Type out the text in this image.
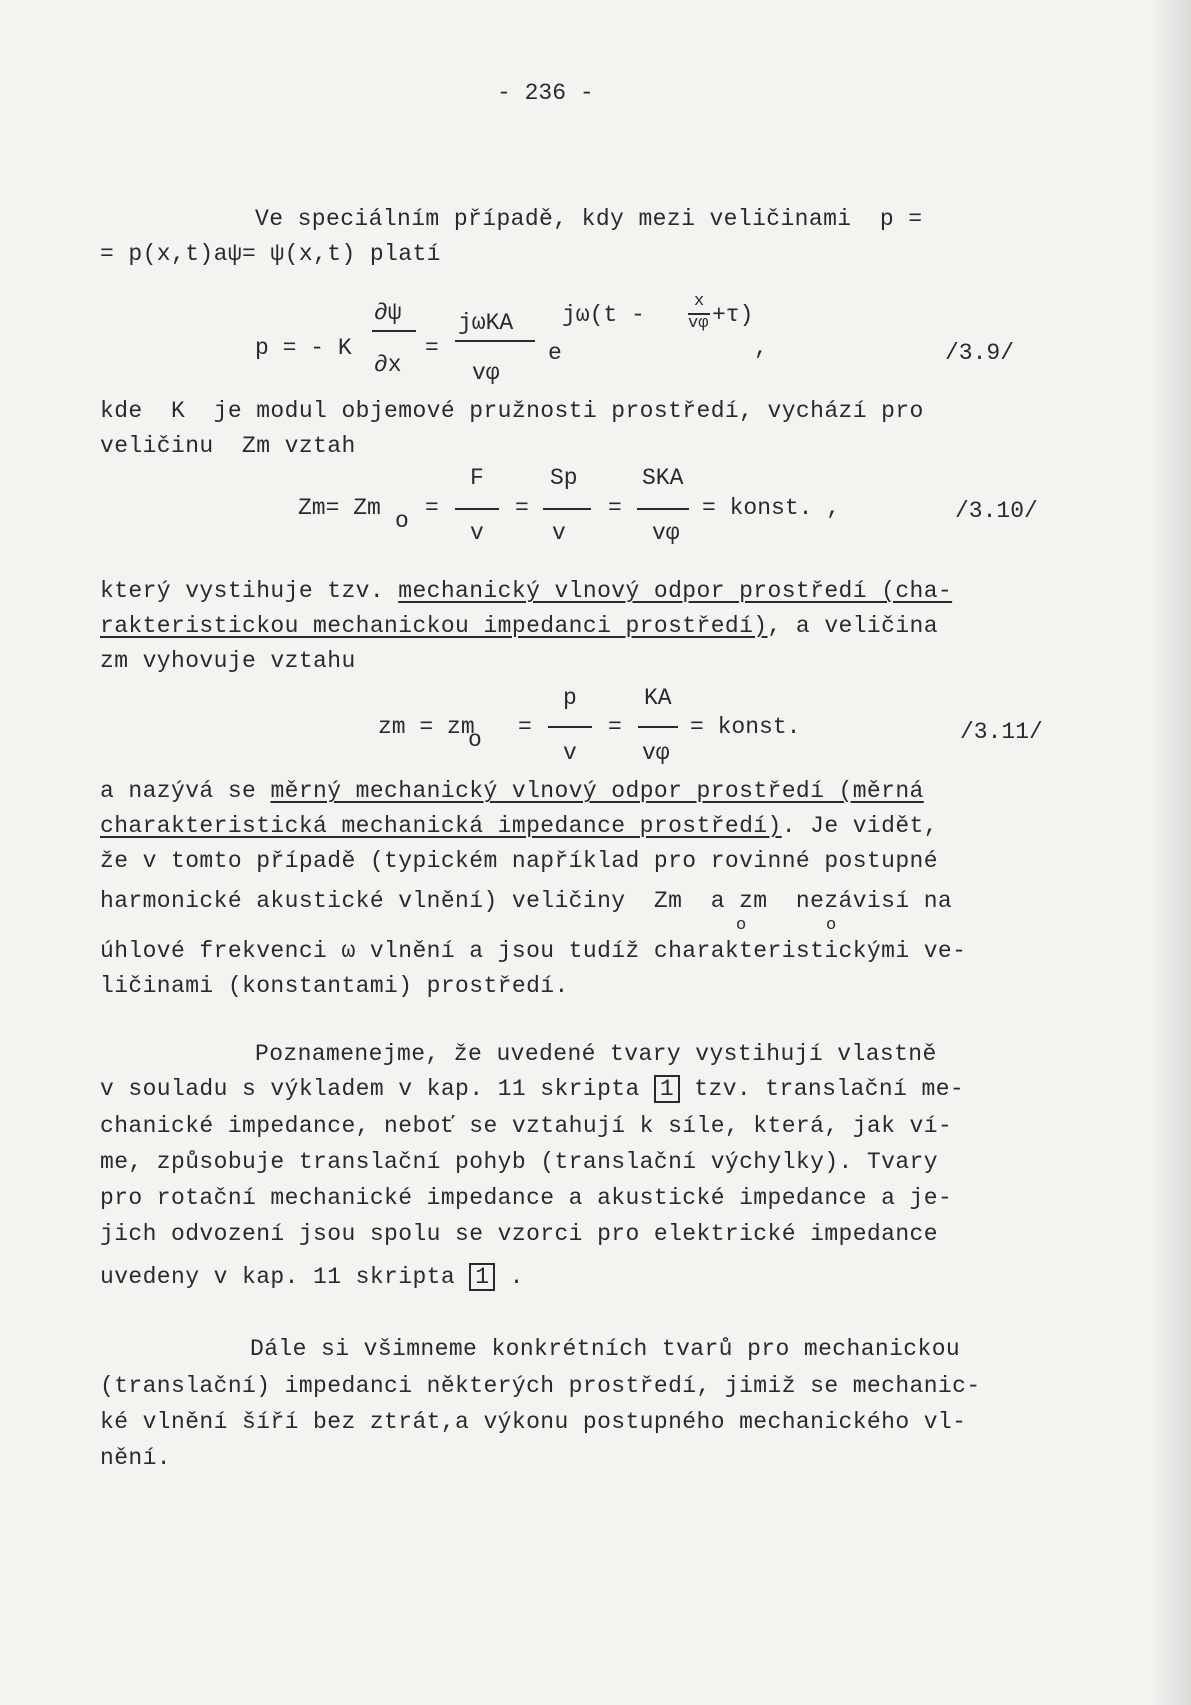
- 236 -
Ve speciálním případě, kdy mezi veličinami  p =
= p(x,t)aψ= ψ(x,t) platí
p = - K
∂ψ
∂x
=
jωKA
vφ
e
jω(t -
x
vφ +τ)
,	/3.9/
kde  K  je modul objemové pružnosti prostředí, vychází pro
veličinu  Zm vztah
Zm= Zm o =
F
v
=
Sp
v
=
SKA
vφ
= konst. ,	/3.10/
který vystihuje tzv. mechanický vlnový odpor prostředí (cha-
rakteristickou mechanickou impedanci prostředí), a veličina
zm vyhovuje vztahu
zm = zm
o =
p
v
=
KA
vφ
= konst.	/3.11/
a nazývá se měrný mechanický vlnový odpor prostředí (měrná
charakteristická mechanická impedance prostředí). Je vidět,
že v tomto případě (typickém například pro rovinné postupné
harmonické akustické vlnění) veličiny  Zm  a zm  nezávisí na
o	o
úhlové frekvenci ω vlnění a jsou tudíž charakteristickými ve-
ličinami (konstantami) prostředí.
Poznamenejme, že uvedené tvary vystihují vlastně
v souladu s výkladem v kap. 11 skripta 1 tzv. translační me-
chanické impedance, neboť se vztahují k síle, která, jak ví-
me, způsobuje translační pohyb (translační výchylky). Tvary
pro rotační mechanické impedance a akustické impedance a je-
jich odvození jsou spolu se vzorci pro elektrické impedance
uvedeny v kap. 11 skripta 1 .
Dále si všimneme konkrétních tvarů pro mechanickou
(translační) impedanci některých prostředí, jimiž se mechanic-
ké vlnění šíří bez ztrát,a výkonu postupného mechanického vl-
nění.
